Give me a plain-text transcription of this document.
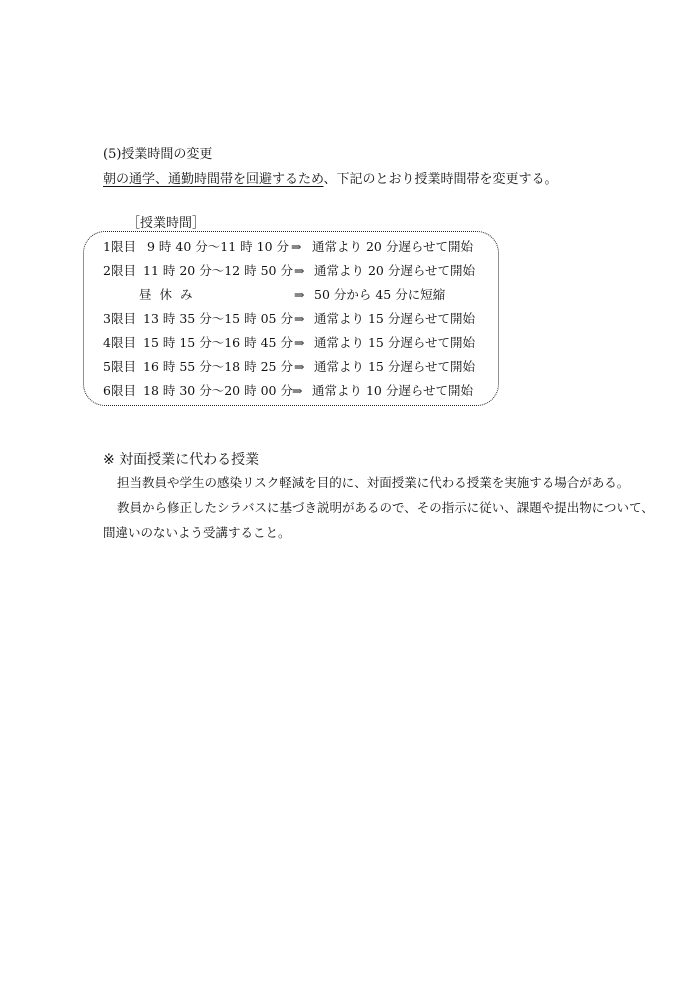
(5)授業時間の変更
朝の通学、通勤時間帯を回避するため、下記のとおり授業時間帯を変更する。
［授業時間］
1限目 9 時 40 分～11 時 10 分 ⇒ 通常より 20 分遅らせて開始
2限目 11 時 20 分～12 時 50 分 ⇒ 通常より 20 分遅らせて開始
昼休み	⇒ 50 分から 45 分に短縮
3限目 13 時 35 分～15 時 05 分 ⇒ 通常より 15 分遅らせて開始
4限目 15 時 15 分～16 時 45 分 ⇒ 通常より 15 分遅らせて開始
5限目 16 時 55 分～18 時 25 分 ⇒ 通常より 15 分遅らせて開始
6限目 18 時 30 分～20 時 00 分 ⇒ 通常より 10 分遅らせて開始
※ 対面授業に代わる授業
担当教員や学生の感染リスク軽減を目的に、対面授業に代わる授業を実施する場合がある。
教員から修正したシラバスに基づき説明があるので、その指示に従い、課題や提出物について、
間違いのないよう受講すること。
